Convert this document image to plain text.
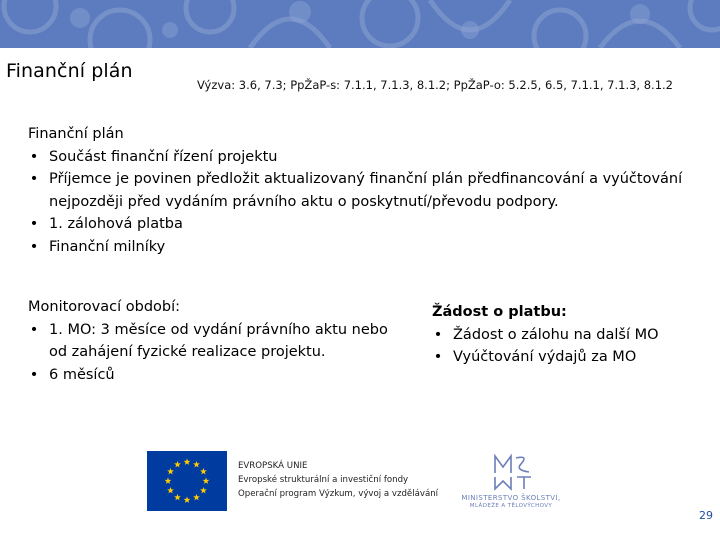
Finanční plán
Výzva: 3.6, 7.3; PpŽaP-s: 7.1.1, 7.1.3, 8.1.2; PpŽaP-o: 5.2.5, 6.5, 7.1.1, 7.1.3, 8.1.2
Finanční plán
• Součást finanční řízení projektu
• Příjemce je povinen předložit aktualizovaný finanční plán předfinancování a vyúčtování nejpozději před vydáním právního aktu o poskytnutí/převodu podpory.
• 1. zálohová platba
• Finanční milníky
Monitorovací období:
• 1. MO: 3 měsíce od vydání právního aktu nebo od zahájení fyzické realizace projektu.
• 6 měsíců
Žádost o platbu:
• Žádost o zálohu na další MO
• Vyúčtování výdajů za MO
EVROPSKÁ UNIE
Evropské strukturální a investiční fondy
Operační program Výzkum, vývoj a vzdělávání	MINISTERSTVO ŠKOLSTVÍ,
MLÁDEŽE A TĚLOVÝCHOVY
29
